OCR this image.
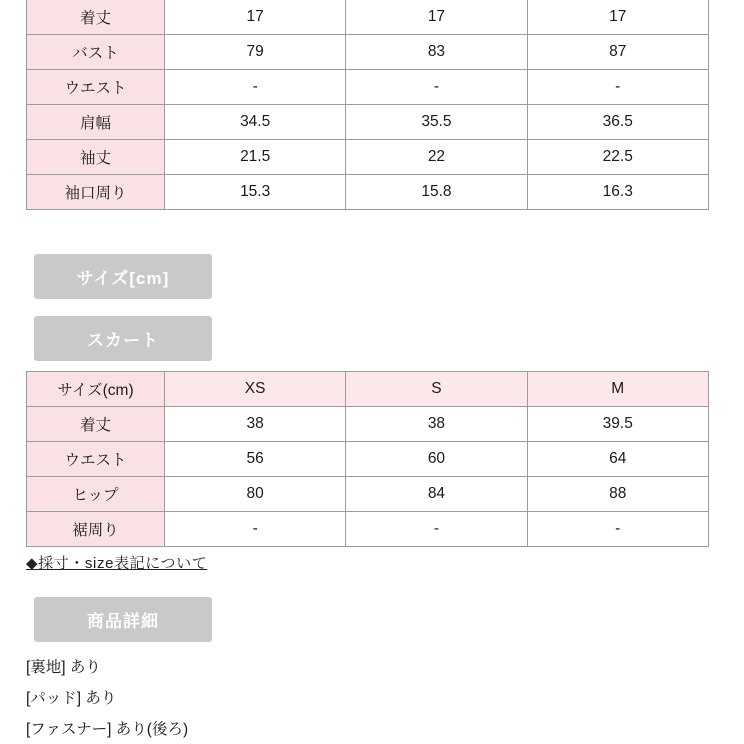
着丈	17	17	17
バスト	79	83	87
ウエスト	-	-	-
肩幅	34.5	35.5	36.5
袖丈	21.5	22	22.5
袖口周り	15.3	15.8	16.3
サイズ[cm]
スカート
サイズ(cm)	XS	S	M
着丈	38	38	39.5
ウエスト	56	60	64
ヒップ	80	84	88
裾周り	-	-	-
◆採寸・size表記について
商品詳細
[裏地] あり
[パッド] あり
[ファスナー] あり(後ろ)
